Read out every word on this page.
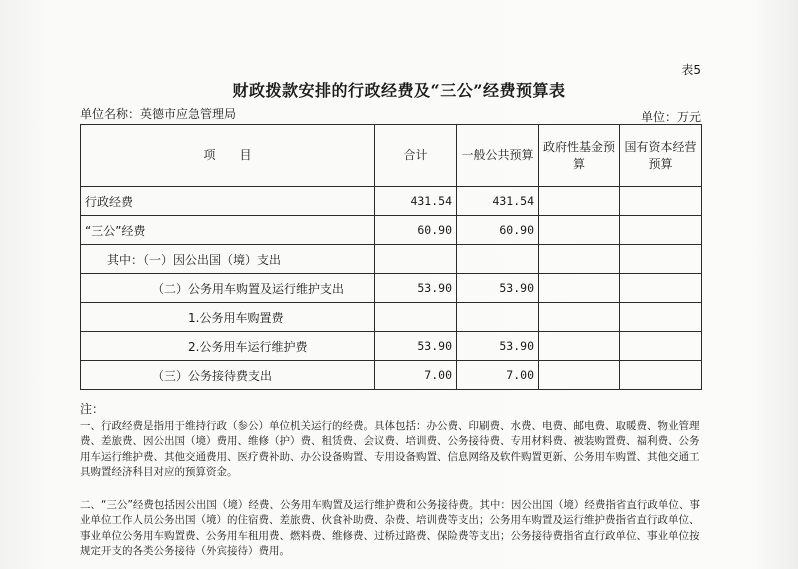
表5
财政拨款安排的行政经费及“三公”经费预算表
单位名称：英德市应急管理局	单位：万元
项　　目	合计	一般公共预算	政府性基金预算	国有资本经营预算
行政经费	431.54	431.54		
“三公”经费	60.90	60.90		
其中：（一）因公出国（境）支出				
（二）公务用车购置及运行维护支出	53.90	53.90		
1.公务用车购置费				
2.公务用车运行维护费	53.90	53.90		
（三）公务接待费支出	7.00	7.00		

注：

一、行政经费是指用于维持行政（参公）单位机关运行的经费。具体包括：办公费、印刷费、水费、电费、邮电费、取暖费、物业管理费、差旅费、因公出国（境）费用、维修（护）费、租赁费、会议费、培训费、公务接待费、专用材料费、被装购置费、福利费、公务用车运行维护费、其他交通费用、医疗费补助、办公设备购置、专用设备购置、信息网络及软件购置更新、公务用车购置、其他交通工具购置经济科目对应的预算资金。

二、“三公”经费包括因公出国（境）经费、公务用车购置及运行维护费和公务接待费。其中：因公出国（境）经费指省直行政单位、事业单位工作人员公务出国（境）的住宿费、差旅费、伙食补助费、杂费、培训费等支出；公务用车购置及运行维护费指省直行政单位、事业单位公务用车购置费、公务用车租用费、燃料费、维修费、过桥过路费、保险费等支出；公务接待费指省直行政单位、事业单位按规定开支的各类公务接待（外宾接待）费用。
